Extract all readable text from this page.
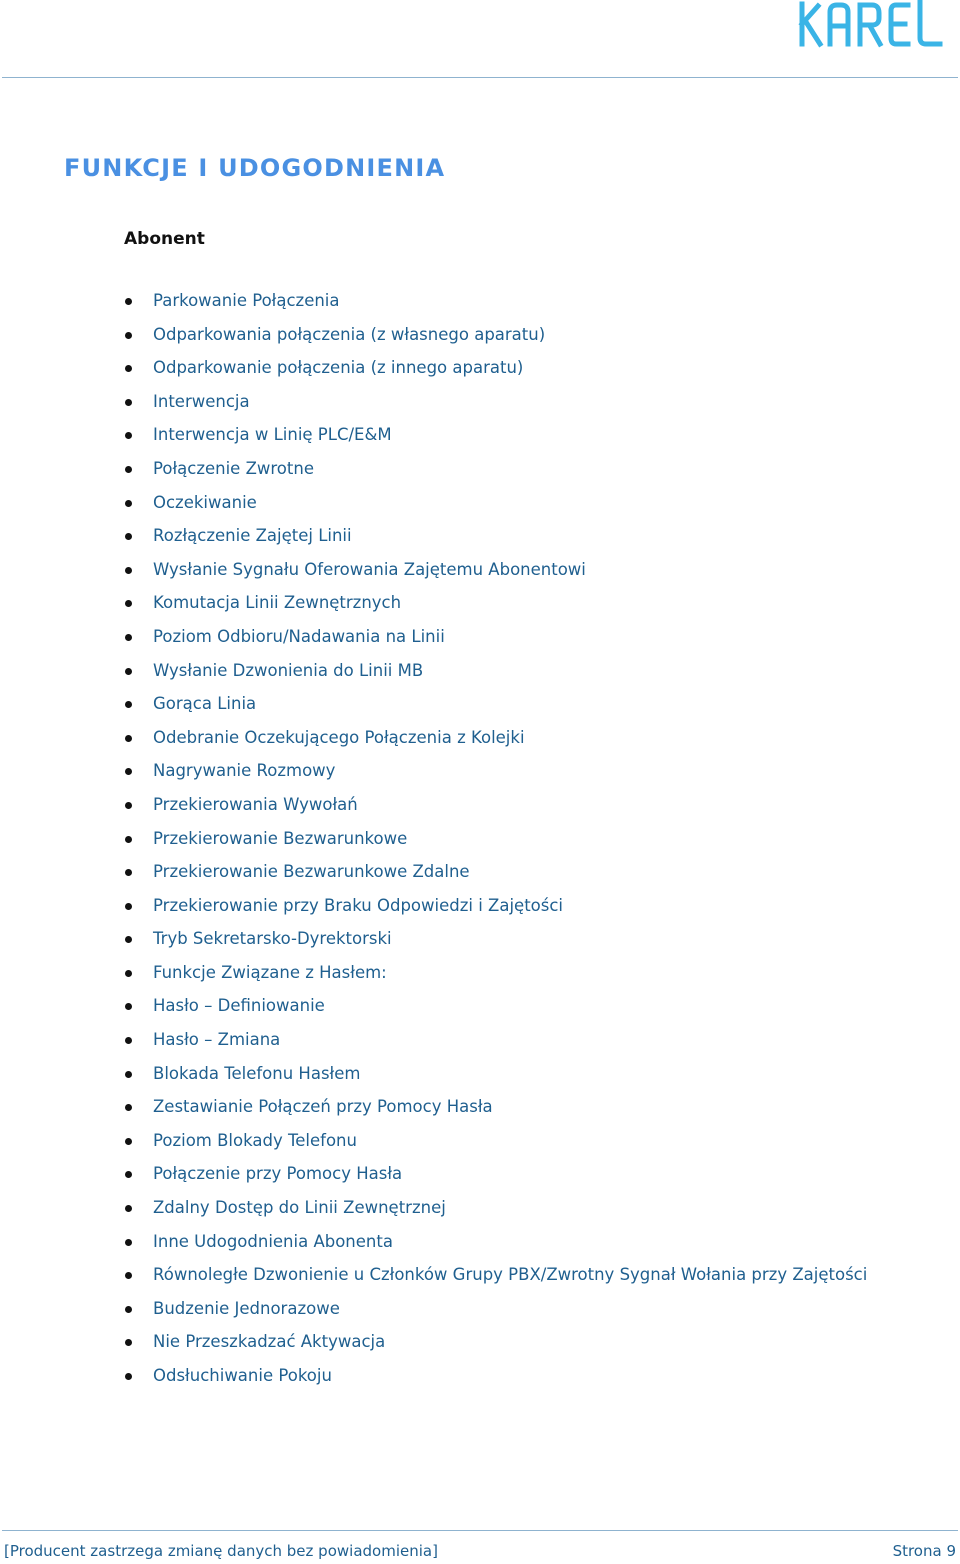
FUNKCJE I UDOGODNIENIA
Abonent
Parkowanie Połączenia
Odparkowania połączenia (z własnego aparatu)
Odparkowanie połączenia (z innego aparatu)
Interwencja
Interwencja w Linię PLC/E&M
Połączenie Zwrotne
Oczekiwanie
Rozłączenie Zajętej Linii
Wysłanie Sygnału Oferowania Zajętemu Abonentowi
Komutacja Linii Zewnętrznych
Poziom Odbioru/Nadawania na Linii
Wysłanie Dzwonienia do Linii MB
Gorąca Linia
Odebranie Oczekującego Połączenia z Kolejki
Nagrywanie Rozmowy
Przekierowania Wywołań
Przekierowanie Bezwarunkowe
Przekierowanie Bezwarunkowe Zdalne
Przekierowanie przy Braku Odpowiedzi i Zajętości
Tryb Sekretarsko-Dyrektorski
Funkcje Związane z Hasłem:
Hasło – Definiowanie
Hasło – Zmiana
Blokada Telefonu Hasłem
Zestawianie Połączeń przy Pomocy Hasła
Poziom Blokady Telefonu
Połączenie przy Pomocy Hasła
Zdalny Dostęp do Linii Zewnętrznej
Inne Udogodnienia Abonenta
Równoległe Dzwonienie u Członków Grupy PBX/Zwrotny Sygnał Wołania przy Zajętości
Budzenie Jednorazowe
Nie Przeszkadzać Aktywacja
Odsłuchiwanie Pokoju
[Producent zastrzega zmianę danych bez powiadomienia]	Strona 9
